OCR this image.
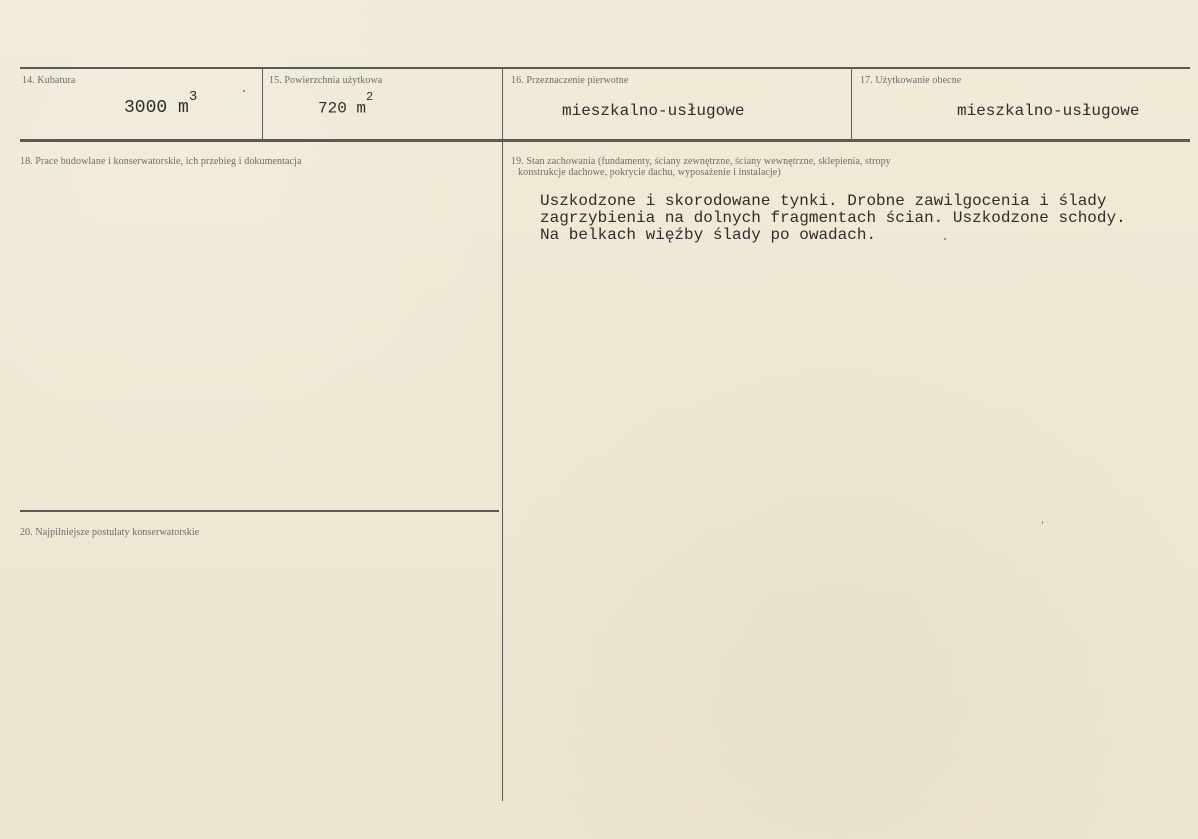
14. Kubatura
3000 $m^3$
15. Powierzchnia użytkowa
720 $m^2$
16. Przeznaczenie pierwotne
mieszkalno-usługowe
17. Użytkowanie obecne
mieszkalno-usługowe
18. Prace budowlane i konserwatorskie, ich przebieg i dokumentacja	19. Stan zachowania (fundamenty, ściany zewnętrzne, ściany wewnętrzne, sklepienia, stropy
konstrukcje dachowe, pokrycie dachu, wyposażenie i instalacje)
Uszkodzone i skorodowane tynki. Drobne zawilgocenia i ślady
zagrzybienia na dolnych fragmentach ścian. Uszkodzone schody.
Na belkach więźby ślady po owadach.
20. Najpilniejsze postulaty konserwatorskie
